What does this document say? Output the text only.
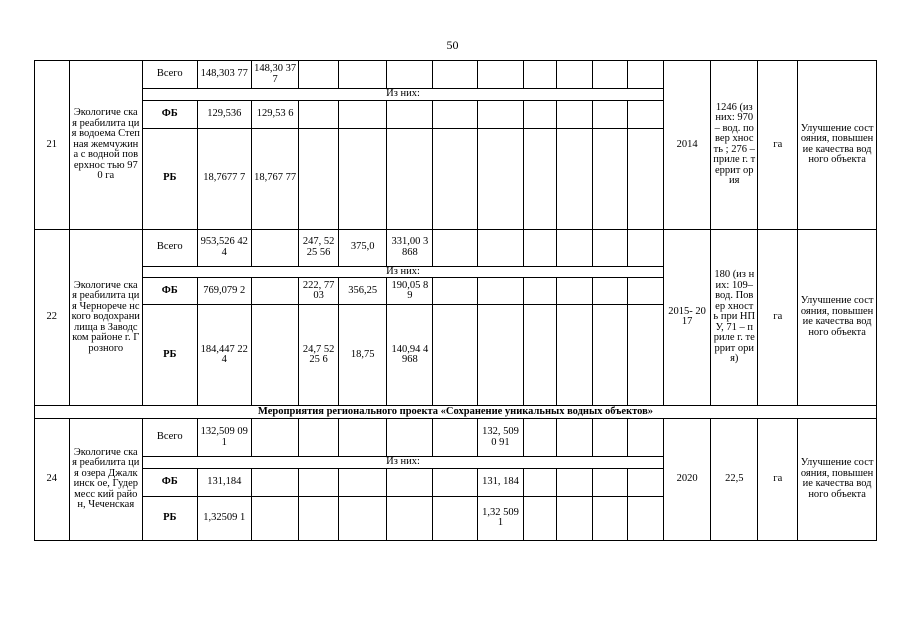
50
21	Экологиче ская реабилита ция водоема Степная жемчужин а с водной поверхнос тью 970 га	Всего	148,303 77	148,30 377										2014	1246 (из них: 970– вод. повер хность ; 276 – приле г. террит ория	га	Улучшение состояния, повышение качества водного объекта
		Из них:															
		ФБ	129,536	129,53 6													
		РБ	18,7677 7	18,767 77													
22	Экологиче ская реабилита ция Черноречe нского водохрани лища в Заводском районе г. Грозного	Всего	953,526 424		247, 5225 56	375,0	331,00 3868							2015- 2017	180 (из них: 109– вод. Повер хность при НПУ, 71 – приле г. террит ория)	га	Улучшение состояния, повышение качества водного объекта
		Из них:															
		ФБ	769,079 2		222, 7703	356,25	190,05 89										
		РБ	184,447 224		24,7 5225 6	18,75	140,94 4968										
Мероприятия регионального проекта «Сохранение уникальных водных объектов»																	
24	Экологиче ская реабилита ция озера Джалкинск ое, Гудермесс кий район, Чеченская	Всего	132,509 091						132, 5090 91					2020	22,5	га	Улучшение состояния, повышение качества водного объекта
		Из них:															
		ФБ	131,184						131, 184								
		РБ	1,32509 1						1,32 5091								
